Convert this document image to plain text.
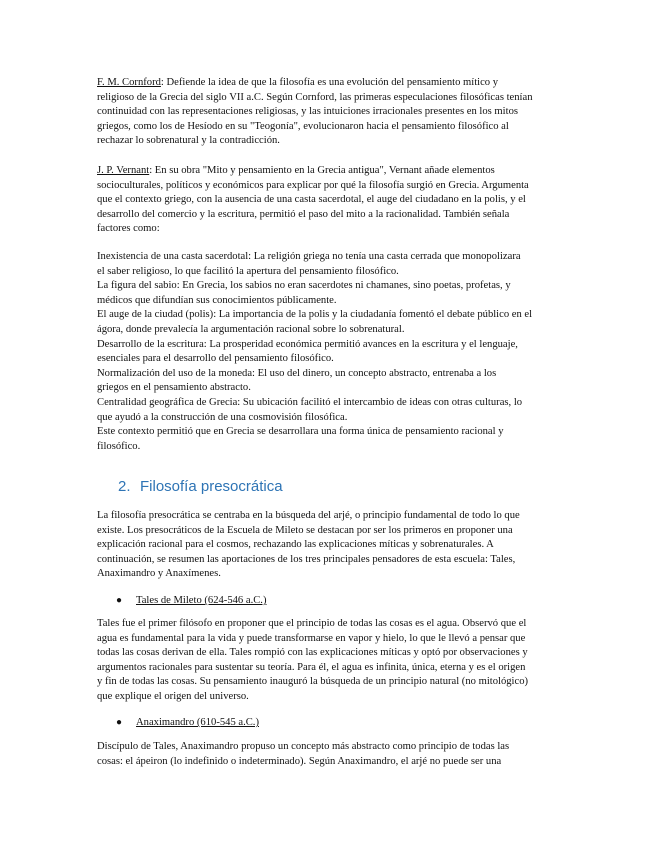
F. M. Cornford: Defiende la idea de que la filosofía es una evolución del pensamiento mítico y
religioso de la Grecia del siglo VII a.C. Según Cornford, las primeras especulaciones filosóficas tenían
continuidad con las representaciones religiosas, y las intuiciones irracionales presentes en los mitos
griegos, como los de Hesíodo en su "Teogonía", evolucionaron hacia el pensamiento filosófico al
rechazar lo sobrenatural y la contradicción.

J. P. Vernant: En su obra "Mito y pensamiento en la Grecia antigua", Vernant añade elementos
socioculturales, políticos y económicos para explicar por qué la filosofía surgió en Grecia. Argumenta
que el contexto griego, con la ausencia de una casta sacerdotal, el auge del ciudadano en la polis, y el
desarrollo del comercio y la escritura, permitió el paso del mito a la racionalidad. También señala
factores como:

Inexistencia de una casta sacerdotal: La religión griega no tenía una casta cerrada que monopolizara
el saber religioso, lo que facilitó la apertura del pensamiento filosófico.
La figura del sabio: En Grecia, los sabios no eran sacerdotes ni chamanes, sino poetas, profetas, y
médicos que difundían sus conocimientos públicamente.
El auge de la ciudad (polis): La importancia de la polis y la ciudadanía fomentó el debate público en el
ágora, donde prevalecía la argumentación racional sobre lo sobrenatural.
Desarrollo de la escritura: La prosperidad económica permitió avances en la escritura y el lenguaje,
esenciales para el desarrollo del pensamiento filosófico.
Normalización del uso de la moneda: El uso del dinero, un concepto abstracto, entrenaba a los
griegos en el pensamiento abstracto.
Centralidad geográfica de Grecia: Su ubicación facilitó el intercambio de ideas con otras culturas, lo
que ayudó a la construcción de una cosmovisión filosófica.
Este contexto permitió que en Grecia se desarrollara una forma única de pensamiento racional y
filosófico.

2. Filosofía presocrática

La filosofía presocrática se centraba en la búsqueda del arjé, o principio fundamental de todo lo que
existe. Los presocráticos de la Escuela de Mileto se destacan por ser los primeros en proponer una
explicación racional para el cosmos, rechazando las explicaciones míticas y sobrenaturales. A
continuación, se resumen las aportaciones de los tres principales pensadores de esta escuela: Tales,
Anaximandro y Anaxímenes.

● Tales de Mileto (624-546 a.C.)

Tales fue el primer filósofo en proponer que el principio de todas las cosas es el agua. Observó que el
agua es fundamental para la vida y puede transformarse en vapor y hielo, lo que le llevó a pensar que
todas las cosas derivan de ella. Tales rompió con las explicaciones míticas y optó por observaciones y
argumentos racionales para sustentar su teoría. Para él, el agua es infinita, única, eterna y es el origen
y fin de todas las cosas. Su pensamiento inauguró la búsqueda de un principio natural (no mitológico)
que explique el origen del universo.

● Anaximandro (610-545 a.C.)

Discípulo de Tales, Anaximandro propuso un concepto más abstracto como principio de todas las
cosas: el ápeiron (lo indefinido o indeterminado). Según Anaximandro, el arjé no puede ser una
